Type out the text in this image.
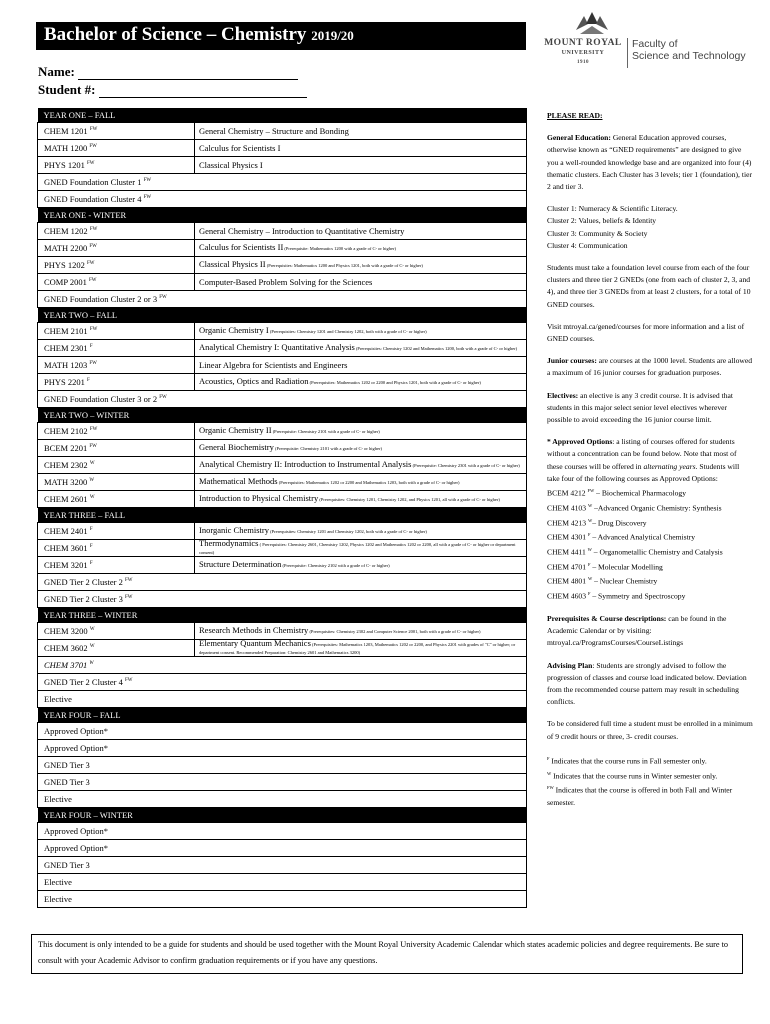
Bachelor of Science – Chemistry 2019/20	MOUNT ROYAL
UNIVERSITY
1910
Faculty of
Science and Technology
Name:
Student #:
YEAR ONE – FALL	
CHEM 1201 $^{FW}$	General Chemistry – Structure and Bonding
MATH 1200 $^{FW}$	Calculus for Scientists I
PHYS 1201 $^{FW}$	Classical Physics I
GNED Foundation Cluster 1 $^{FW}$
GNED Foundation Cluster 4 $^{FW}$
YEAR ONE - WINTER	
CHEM 1202 $^{FW}$	General Chemistry – Introduction to Quantitative Chemistry
MATH 2200 $^{FW}$	Calculus for Scientists II (Prerequisite: Mathematics 1200 with a grade of C- or higher)
PHYS 1202 $^{FW}$	Classical Physics II (Prerequisites: Mathematics 1200 and Physics 1201, both with a grade of C- or higher)
COMP 2001 $^{FW}$	Computer-Based Problem Solving for the Sciences
GNED Foundation Cluster 2 or 3 $^{FW}$
YEAR TWO – FALL	
CHEM 2101 $^{FW}$	Organic Chemistry I (Prerequisites: Chemistry 1201 and Chemistry 1202, both with a grade of C- or higher)
CHEM 2301 $^F$	Analytical Chemistry I: Quantitative Analysis (Prerequisites: Chemistry 1202 and Mathematics 1200, both with a grade of C- or higher)
MATH 1203 $^{FW}$	Linear Algebra for Scientists and Engineers
PHYS 2201 $^F$	Acoustics, Optics and Radiation (Prerequisites: Mathematics 1202 or 2200 and Physics 1201, both with a grade of C- or higher)
GNED Foundation Cluster 3 or 2 $^{FW}$
YEAR TWO – WINTER	
CHEM 2102 $^{FW}$	Organic Chemistry II (Prerequisite: Chemistry 2101 with a grade of C- or higher)
BCEM 2201 $^{FW}$	General Biochemistry (Prerequisite: Chemistry 2101 with a grade of C- or higher)
CHEM 2302 $^W$	Analytical Chemistry II: Introduction to Instrumental Analysis (Prerequisite: Chemistry 2301 with a grade of C- or higher)
MATH 3200 $^W$	Mathematical Methods (Prerequisites: Mathematics 1202 or 2200 and Mathematics 1203, both with a grade of C- or higher)
CHEM 2601 $^W$	Introduction to Physical Chemistry (Prerequisites: Chemistry 1201, Chemistry 1202, and Physics 1201, all with a grade of C- or higher)
YEAR THREE – FALL	
CHEM 2401 $^F$	Inorganic Chemistry (Prerequisites: Chemistry 1201 and Chemistry 1202, both with a grade of C- or higher)
CHEM 3601 $^F$	Thermodynamics ( Prerequisites: Chemistry 2601, Chemistry 1202, Physics 1202 and Mathematics 1202 or 2200, all with a grade of C- or higher or department consent)
CHEM 3201 $^F$	Structure Determination (Prerequisite: Chemistry 2102 with a grade of C- or higher)
GNED Tier 2 Cluster 2 $^{FW}$
GNED Tier 2 Cluster 3 $^{FW}$
YEAR THREE – WINTER	
CHEM 3200 $^W$	Research Methods in Chemistry (Prerequisites: Chemistry 2302 and Computer Science 2001, both with a grade of C- or higher)
CHEM 3602 $^W$	Elementary Quantum Mechanics (Prerequisites: Mathematics 1203, Mathematics 1202 or 2200, and Physics 2201 with grades of "C" or higher; or department consent. Recommended Preparation: Chemistry 2601 and Mathematics 3200)
CHEM 3701 $^W$
GNED Tier 2 Cluster 4 $^{FW}$
Elective	
YEAR FOUR – FALL	
Approved Option*	
Approved Option*	
GNED Tier 3	
GNED Tier 3	
Elective	
YEAR FOUR – WINTER	
Approved Option*	
Approved Option*	
GNED Tier 3	
Elective	
Elective	

PLEASE READ:

General Education: General Education approved courses, otherwise known as “GNED requirements” are designed to give you a well-rounded knowledge base and are organized into four (4) thematic clusters. Each Cluster has 3 levels; tier 1 (foundation), tier 2 and tier 3.

Cluster 1: Numeracy & Scientific Literacy.

Cluster 2: Values, beliefs & Identity

Cluster 3: Community & Society

Cluster 4: Communication

Students must take a foundation level course from each of the four clusters and three tier 2 GNEDs (one from each of cluster 2, 3, and 4), and three tier 3 GNEDs from at least 2 clusters, for a total of 10 GNED courses.

Visit mtroyal.ca/gened/courses for more information and a list of GNED courses.

Junior courses: are courses at the 1000 level. Students are allowed a maximum of 16 junior courses for graduation purposes.

Electives: an elective is any 3 credit course. It is advised that students in this major select senior level electives wherever possible to avoid exceeding the 16 junior course limit.

* Approved Options: a listing of courses offered for students without a concentration can be found below. Note that most of these courses will be offered in alternating years. Students will take four of the following courses as Approved Options:

BCEM 4212 $^{FW}$ – Biochemical Pharmacology

CHEM 4103 $^W$ –Advanced Organic Chemistry: Synthesis

CHEM 4213 $^W$– Drug Discovery

CHEM 4301 $^F$ – Advanced Analytical Chemistry

CHEM 4411 $^W$ – Organometallic Chemistry and Catalysis

CHEM 4701 $^F$ – Molecular Modelling

CHEM 4801 $^W$ – Nuclear Chemistry

CHEM 4603 $^F$ – Symmetry and Spectroscopy

Prerequisites & Course descriptions: can be found in the Academic Calendar or by visiting: mtroyal.ca/ProgramsCourses/CourseListings

Advising Plan: Students are strongly advised to follow the progression of classes and course load indicated below. Deviation from the recommended course pattern may result in scheduling conflicts.

To be considered full time a student must be enrolled in a minimum of 9 credit hours or three, 3- credit courses.

$^F$ Indicates that the course runs in Fall semester only.

$^W$ Indicates that the course runs in Winter semester only.

$^{FW}$ Indicates that the course is offered in both Fall and Winter semester.

This document is only intended to be a guide for students and should be used together with the Mount Royal University Academic Calendar which states academic policies and degree requirements. Be sure to consult with your Academic Advisor to confirm graduation requirements or if you have any questions.
